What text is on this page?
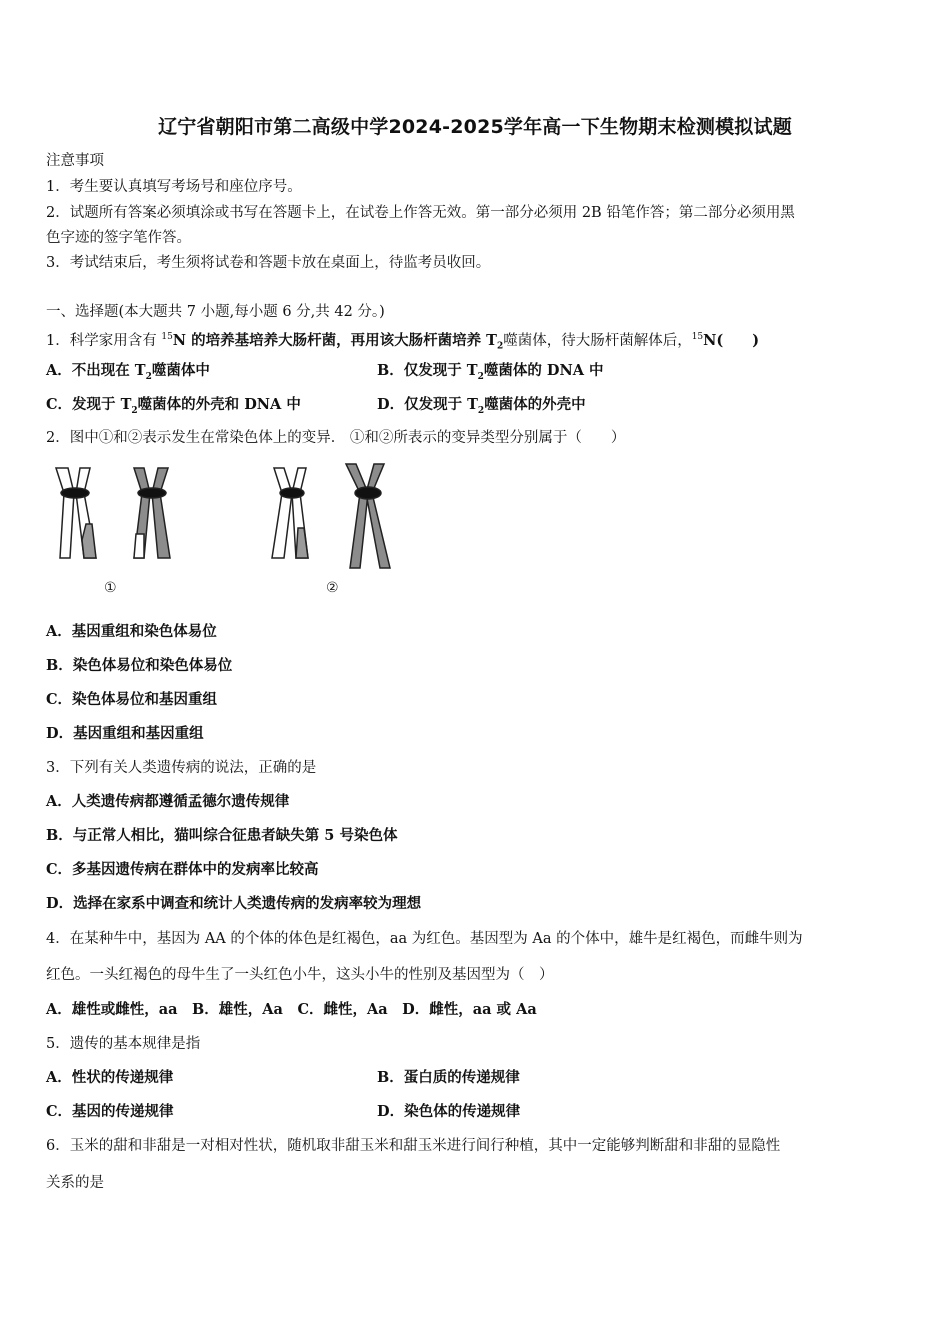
辽宁省朝阳市第二高级中学2024-2025学年高一下生物期末检测模拟试题
注意事项
1．考生要认真填写考场号和座位序号。
2．试题所有答案必须填涂或书写在答题卡上，在试卷上作答无效。第一部分必须用 2B 铅笔作答；第二部分必须用黑
色字迹的签字笔作答。
3．考试结束后，考生须将试卷和答题卡放在桌面上，待监考员收回。
一、选择题(本大题共 7 小题,每小题 6 分,共 42 分。)
1．科学家用含有 $^{15}$N 的培养基培养大肠杆菌，再用该大肠杆菌培养 $T_2$噬菌体，待大肠杆菌解体后，$^{15}$N(　　)
A．不出现在 $T_2$噬菌体中	B．仅发现于 $T_2$噬菌体的 DNA 中
C．发现于 $T_2$噬菌体的外壳和 DNA 中	D．仅发现于 $T_2$噬菌体的外壳中
2．图中①和②表示发生在常染色体上的变异． ①和②所表示的变异类型分别属于（　　）
①	②
A．基因重组和染色体易位
B．染色体易位和染色体易位
C．染色体易位和基因重组
D．基因重组和基因重组
3．下列有关人类遗传病的说法，正确的是
A．人类遗传病都遵循孟德尔遗传规律
B．与正常人相比，猫叫综合征患者缺失第 5 号染色体
C．多基因遗传病在群体中的发病率比较高
D．选择在家系中调查和统计人类遗传病的发病率较为理想
4．在某种牛中，基因为 AA 的个体的体色是红褐色，aa 为红色。基因型为 Aa 的个体中，雄牛是红褐色，而雌牛则为
红色。一头红褐色的母牛生了一头红色小牛，这头小牛的性别及基因型为（　）
A．雄性或雌性，aa　B．雄性，Aa　C．雌性，Aa　D．雌性，aa 或 Aa
5．遗传的基本规律是指
A．性状的传递规律	B．蛋白质的传递规律
C．基因的传递规律	D．染色体的传递规律
6．玉米的甜和非甜是一对相对性状，随机取非甜玉米和甜玉米进行间行种植，其中一定能够判断甜和非甜的显隐性
关系的是
